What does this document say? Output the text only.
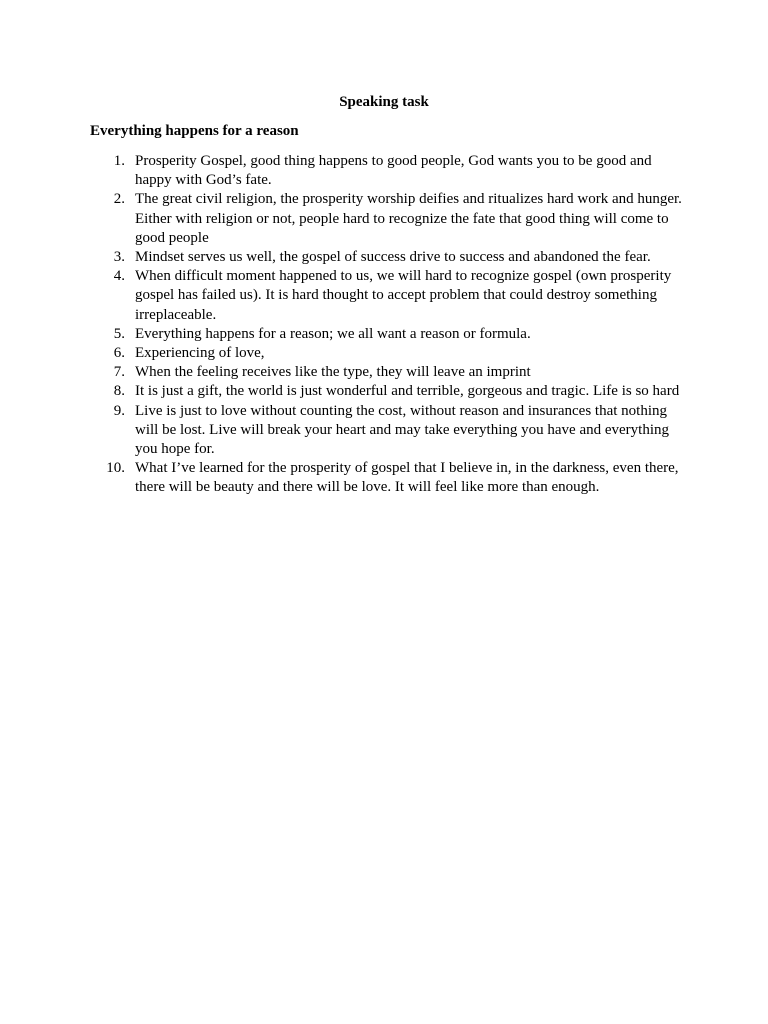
Speaking task
Everything happens for a reason
1. Prosperity Gospel, good thing happens to good people, God wants you to be good and happy with God’s fate.
2. The great civil religion, the prosperity worship deifies and ritualizes hard work and hunger. Either with religion or not, people hard to recognize the fate that good thing will come to good people
3. Mindset serves us well, the gospel of success drive to success and abandoned the fear.
4. When difficult moment happened to us, we will hard to recognize gospel (own prosperity gospel has failed us). It is hard thought to accept problem that could destroy something irreplaceable.
5. Everything happens for a reason; we all want a reason or formula.
6. Experiencing of love,
7. When the feeling receives like the type, they will leave an imprint
8. It is just a gift, the world is just wonderful and terrible, gorgeous and tragic. Life is so hard
9. Live is just to love without counting the cost, without reason and insurances that nothing will be lost. Live will break your heart and may take everything you have and everything you hope for.
10. What I’ve learned for the prosperity of gospel that I believe in, in the darkness, even there, there will be beauty and there will be love. It will feel like more than enough.
